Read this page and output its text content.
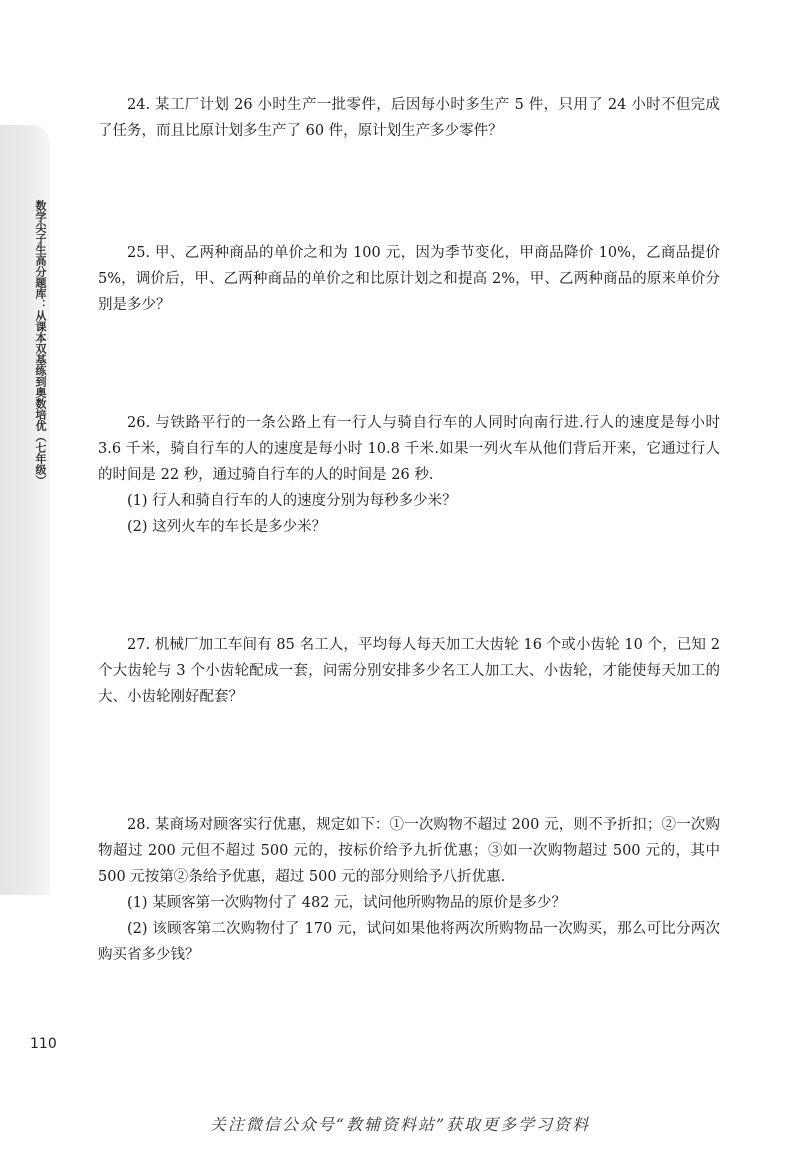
数学尖子生高分题库：从课本双基练到奥数培优（七年级）

24. 某工厂计划 26 小时生产一批零件，后因每小时多生产 5 件，只用了 24 小时不但完成了任务，而且比原计划多生产了 60 件，原计划生产多少零件？

25. 甲、乙两种商品的单价之和为 100 元，因为季节变化，甲商品降价 10%，乙商品提价 5%，调价后，甲、乙两种商品的单价之和比原计划之和提高 2%，甲、乙两种商品的原来单价分别是多少？

26. 与铁路平行的一条公路上有一行人与骑自行车的人同时向南行进.行人的速度是每小时 3.6 千米，骑自行车的人的速度是每小时 10.8 千米.如果一列火车从他们背后开来，它通过行人的时间是 22 秒，通过骑自行车的人的时间是 26 秒.

(1) 行人和骑自行车的人的速度分别为每秒多少米？

(2) 这列火车的车长是多少米？

27. 机械厂加工车间有 85 名工人，平均每人每天加工大齿轮 16 个或小齿轮 10 个，已知 2 个大齿轮与 3 个小齿轮配成一套，问需分别安排多少名工人加工大、小齿轮，才能使每天加工的大、小齿轮刚好配套？

28. 某商场对顾客实行优惠，规定如下：①一次购物不超过 200 元，则不予折扣；②一次购物超过 200 元但不超过 500 元的，按标价给予九折优惠；③如一次购物超过 500 元的，其中 500 元按第②条给予优惠，超过 500 元的部分则给予八折优惠.

(1) 某顾客第一次购物付了 482 元，试问他所购物品的原价是多少？

(2) 该顾客第二次购物付了 170 元，试问如果他将两次所购物品一次购买，那么可比分两次购买省多少钱？

110
关注微信公众号“教辅资料站”获取更多学习资料
